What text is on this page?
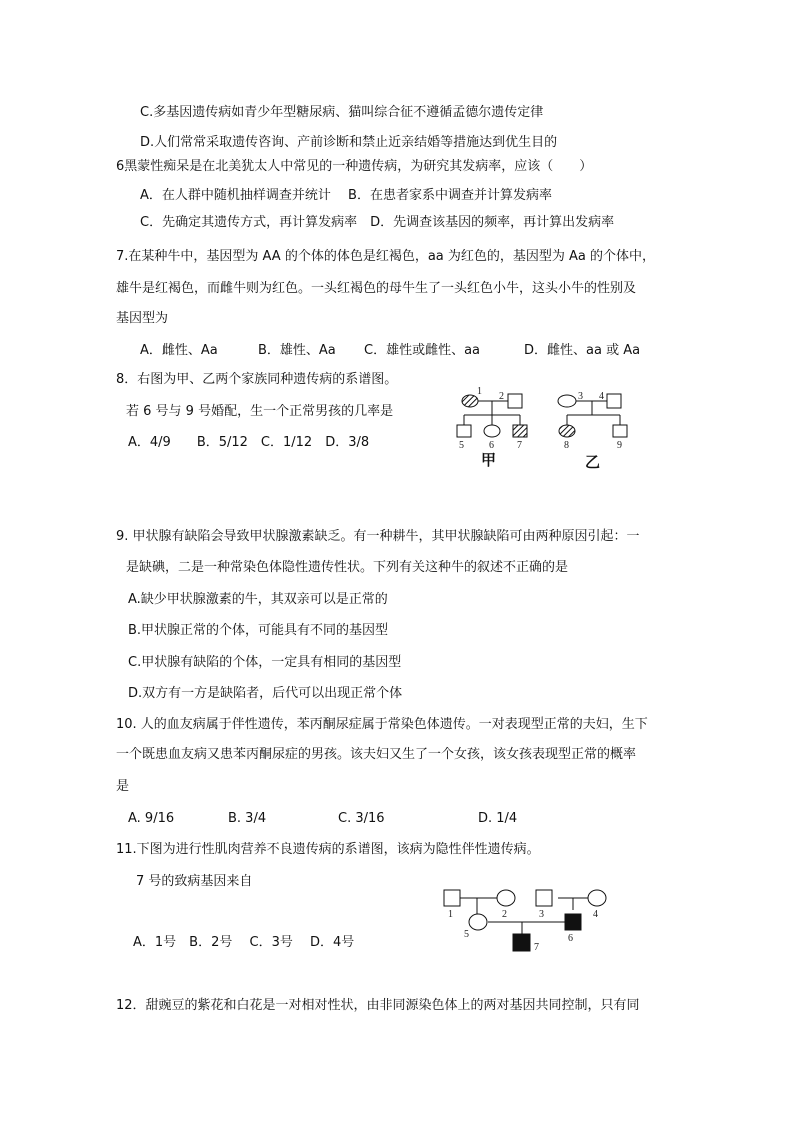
C.多基因遗传病如青少年型糖尿病、猫叫综合征不遵循孟德尔遗传定律
D.人们常常采取遗传咨询、产前诊断和禁止近亲结婚等措施达到优生目的
6黑蒙性痴呆是在北美犹太人中常见的一种遗传病，为研究其发病率，应该（　　）
A．在人群中随机抽样调查并统计　 B．在患者家系中调查并计算发病率
C．先确定其遗传方式，再计算发病率　D．先调查该基因的频率，再计算出发病率
7.在某种牛中，基因型为 AA 的个体的体色是红褐色，aa 为红色的，基因型为 Aa 的个体中，
雄牛是红褐色，而雌牛则为红色。一头红褐色的母牛生了一头红色小牛，这头小牛的性别及
基因型为
A．雌性、Aa	B．雄性、Aa C．雄性或雌性、aa	D．雌性、aa 或 Aa
8．右图为甲、乙两个家族同种遗传病的系谱图。
若 6 号与 9 号婚配，生一个正常男孩的几率是
A．4/9　　B．5/12　C．1/12　D．3/8
1 2
5	6 7
甲
3 4
8	9
乙
9. 甲状腺有缺陷会导致甲状腺激素缺乏。有一种耕牛，其甲状腺缺陷可由两种原因引起：一
是缺碘，二是一种常染色体隐性遗传性状。下列有关这种牛的叙述不正确的是
A.缺少甲状腺激素的牛，其双亲可以是正常的
B.甲状腺正常的个体，可能具有不同的基因型
C.甲状腺有缺陷的个体，一定具有相同的基因型
D.双方有一方是缺陷者，后代可以出现正常个体
10. 人的血友病属于伴性遗传，苯丙酮尿症属于常染色体遗传。一对表现型正常的夫妇，生下
一个既患血友病又患苯丙酮尿症的男孩。该夫妇又生了一个女孩，该女孩表现型正常的概率
是
A. 9/16	B. 3/4	C. 3/16	D. 1/4
11.下图为进行性肌肉营养不良遗传病的系谱图，该病为隐性伴性遗传病。
7 号的致病基因来自
A．1号　B．2号　 C．3号　 D．4号
1	2	3	4
5	6
7
12．甜豌豆的紫花和白花是一对相对性状，由非同源染色体上的两对基因共同控制，只有同
